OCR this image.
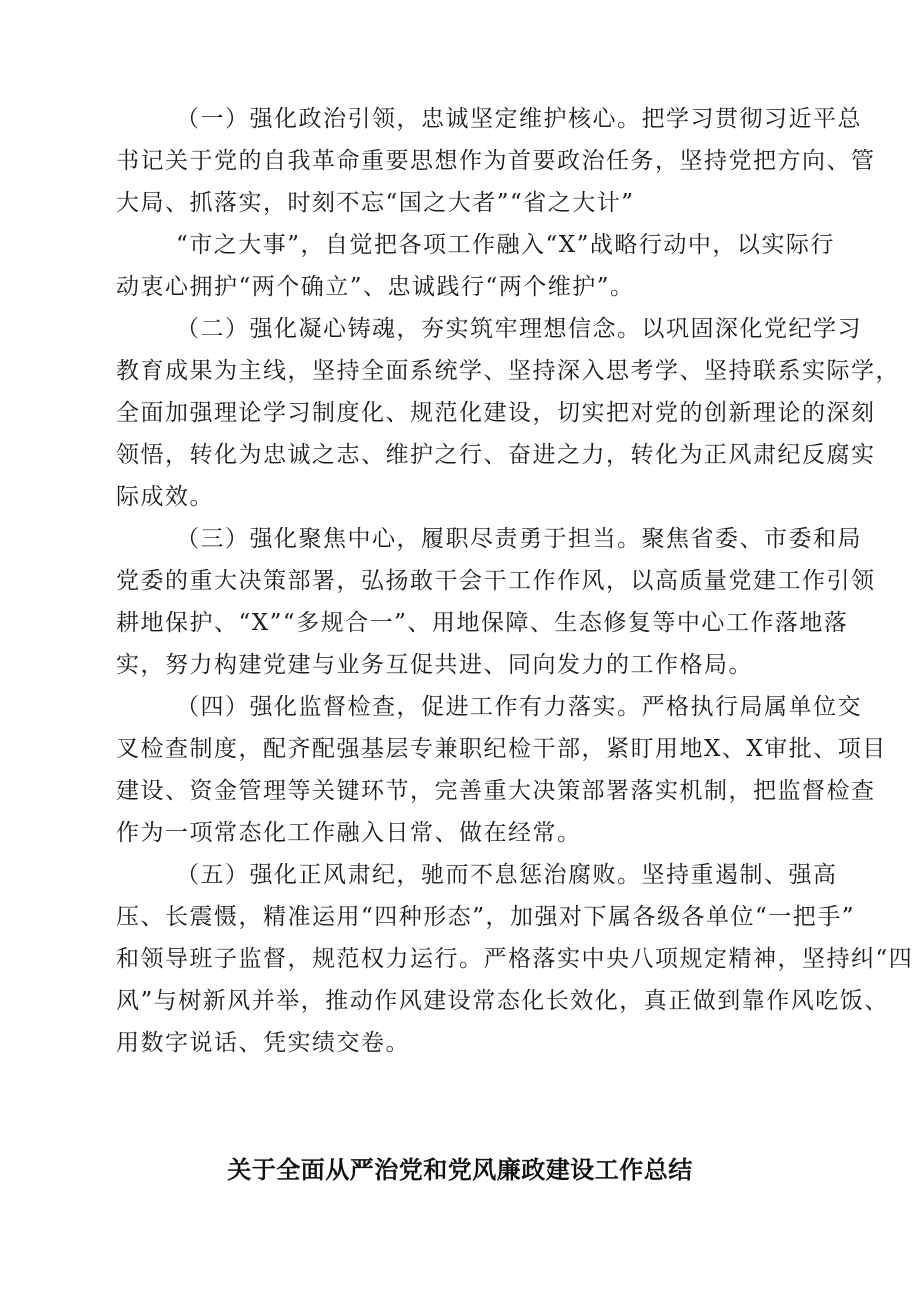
（一）强化政治引领，忠诚坚定维护核心。把学习贯彻习近平总
书记关于党的自我革命重要思想作为首要政治任务，坚持党把方向、管
大局、抓落实，时刻不忘“国之大者”“省之大计”
“市之大事”，自觉把各项工作融入“X”战略行动中，以实际行
动衷心拥护“两个确立”、忠诚践行“两个维护”。
（二）强化凝心铸魂，夯实筑牢理想信念。以巩固深化党纪学习
教育成果为主线，坚持全面系统学、坚持深入思考学、坚持联系实际学，
全面加强理论学习制度化、规范化建设，切实把对党的创新理论的深刻
领悟，转化为忠诚之志、维护之行、奋进之力，转化为正风肃纪反腐实
际成效。
（三）强化聚焦中心，履职尽责勇于担当。聚焦省委、市委和局
党委的重大决策部署，弘扬敢干会干工作作风，以高质量党建工作引领
耕地保护、“X”“多规合一”、用地保障、生态修复等中心工作落地落
实，努力构建党建与业务互促共进、同向发力的工作格局。
（四）强化监督检查，促进工作有力落实。严格执行局属单位交
叉检查制度，配齐配强基层专兼职纪检干部，紧盯用地X、X审批、项目
建设、资金管理等关键环节，完善重大决策部署落实机制，把监督检查
作为一项常态化工作融入日常、做在经常。
（五）强化正风肃纪，驰而不息惩治腐败。坚持重遏制、强高
压、长震慑，精准运用“四种形态”，加强对下属各级各单位“一把手”
和领导班子监督，规范权力运行。严格落实中央八项规定精神，坚持纠“四
风”与树新风并举，推动作风建设常态化长效化，真正做到靠作风吃饭、
用数字说话、凭实绩交卷。
关于全面从严治党和党风廉政建设工作总结
